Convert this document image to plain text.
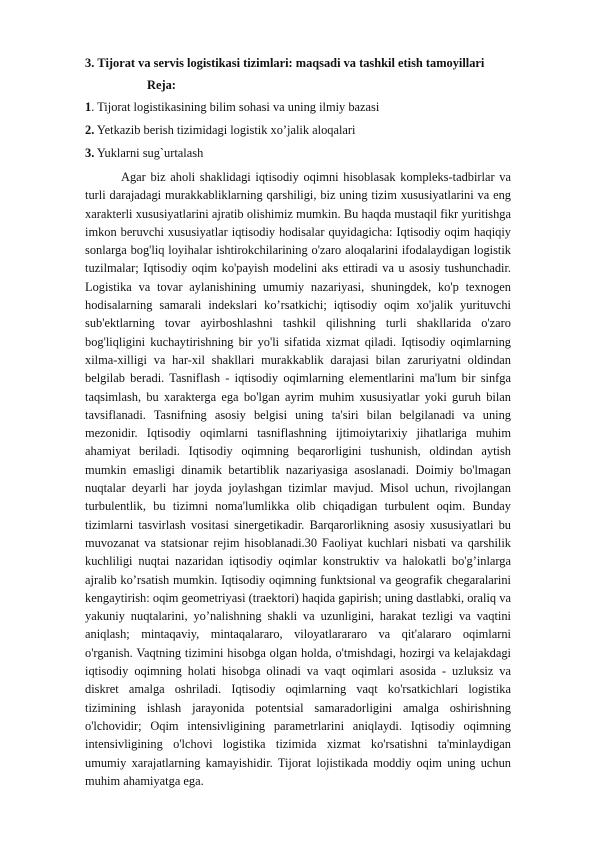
3. Tijorat va servis logistikasi tizimlari: maqsadi va tashkil etish tamoyillari
Reja:
1. Tijorat logistikasining bilim sohasi va uning ilmiy bazasi
2. Yetkazib berish tizimidagi logistik xo’jalik aloqalari
3. Yuklarni sug`urtalash

Agar biz aholi shaklidagi iqtisodiy oqimni hisoblasak kompleks-tadbirlar va turli darajadagi murakkabliklarning qarshiligi, biz uning tizim xususiyatlarini va eng xarakterli xususiyatlarini ajratib olishimiz mumkin. Bu haqda mustaqil fikr yuritishga imkon beruvchi xususiyatlar iqtisodiy hodisalar quyidagicha: Iqtisodiy oqim haqiqiy sonlarga bog'liq loyihalar ishtirokchilarining o'zaro aloqalarini ifodalaydigan logistik tuzilmalar; Iqtisodiy oqim ko'payish modelini aks ettiradi va u asosiy tushunchadir. Logistika va tovar aylanishining umumiy nazariyasi, shuningdek, ko'p texnogen hodisalarning samarali indekslari ko’rsatkichi; iqtisodiy oqim xo'jalik yurituvchi sub'ektlarning tovar ayirboshlashni tashkil qilishning turli shakllarida o'zaro bog'liqligini kuchaytirishning bir yo'li sifatida xizmat qiladi. Iqtisodiy oqimlarning xilma-xilligi va har-xil shakllari murakkablik darajasi bilan zaruriyatni oldindan belgilab beradi. Tasniflash - iqtisodiy oqimlarning elementlarini ma'lum bir sinfga taqsimlash, bu xarakterga ega bo'lgan ayrim muhim xususiyatlar yoki guruh bilan tavsiflanadi. Tasnifning asosiy belgisi uning ta'siri bilan belgilanadi va uning mezonidir. Iqtisodiy oqimlarni tasniflashning ijtimoiytarixiy jihatlariga muhim ahamiyat beriladi. Iqtisodiy oqimning beqarorligini tushunish, oldindan aytish mumkin emasligi dinamik betartiblik nazariyasiga asoslanadi. Doimiy bo'lmagan nuqtalar deyarli har joyda joylashgan tizimlar mavjud. Misol uchun, rivojlangan turbulentlik, bu tizimni noma'lumlikka olib chiqadigan turbulent oqim. Bunday tizimlarni tasvirlash vositasi sinergetikadir. Barqarorlikning asosiy xususiyatlari bu muvozanat va statsionar rejim hisoblanadi.30 Faoliyat kuchlari nisbati va qarshilik kuchliligi nuqtai nazaridan iqtisodiy oqimlar konstruktiv va halokatli bo'g’inlarga ajralib ko’rsatish mumkin. Iqtisodiy oqimning funktsional va geografik chegaralarini kengaytirish: oqim geometriyasi (traektori) haqida gapirish; uning dastlabki, oraliq va yakuniy nuqtalarini, yo’nalishning shakli va uzunligini, harakat tezligi va vaqtini aniqlash; mintaqaviy, mintaqalararo, viloyatlarararo va qit'alararo oqimlarni o'rganish. Vaqtning tizimini hisobga olgan holda, o'tmishdagi, hozirgi va kelajakdagi iqtisodiy oqimning holati hisobga olinadi va vaqt oqimlari asosida - uzluksiz va diskret amalga oshriladi. Iqtisodiy oqimlarning vaqt ko'rsatkichlari logistika tizimining ishlash jarayonida potentsial samaradorligini amalga oshirishning o'lchovidir; Oqim intensivligining parametrlarini aniqlaydi. Iqtisodiy oqimning intensivligining o'lchovi logistika tizimida xizmat ko'rsatishni ta'minlaydigan umumiy xarajatlarning kamayishidir. Tijorat lojistikada moddiy oqim uning uchun muhim ahamiyatga ega.
